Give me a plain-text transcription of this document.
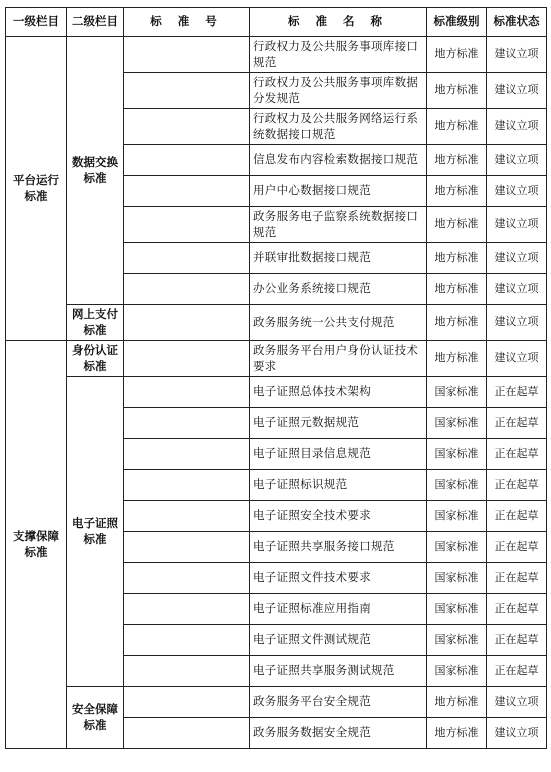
一级栏目	二级栏目	标 准 号	标 准 名 称	标准级别	标准状态
平台运行标准	数据交换标准		行政权力及公共服务事项库接口规范	地方标准	建议立项
			行政权力及公共服务事项库数据分发规范	地方标准	建议立项
			行政权力及公共服务网络运行系统数据接口规范	地方标准	建议立项
			信息发布内容检索数据接口规范	地方标准	建议立项
			用户中心数据接口规范	地方标准	建议立项
			政务服务电子监察系统数据接口规范	地方标准	建议立项
			并联审批数据接口规范	地方标准	建议立项
			办公业务系统接口规范	地方标准	建议立项
	网上支付标准		政务服务统一公共支付规范	地方标准	建议立项
支撑保障标准	身份认证标准		政务服务平台用户身份认证技术要求	地方标准	建议立项
	电子证照标准		电子证照总体技术架构	国家标准	正在起草
			电子证照元数据规范	国家标准	正在起草
			电子证照目录信息规范	国家标准	正在起草
			电子证照标识规范	国家标准	正在起草
			电子证照安全技术要求	国家标准	正在起草
			电子证照共享服务接口规范	国家标准	正在起草
			电子证照文件技术要求	国家标准	正在起草
			电子证照标准应用指南	国家标准	正在起草
			电子证照文件测试规范	国家标准	正在起草
			电子证照共享服务测试规范	国家标准	正在起草
	安全保障标准		政务服务平台安全规范	地方标准	建议立项
			政务服务数据安全规范	地方标准	建议立项
